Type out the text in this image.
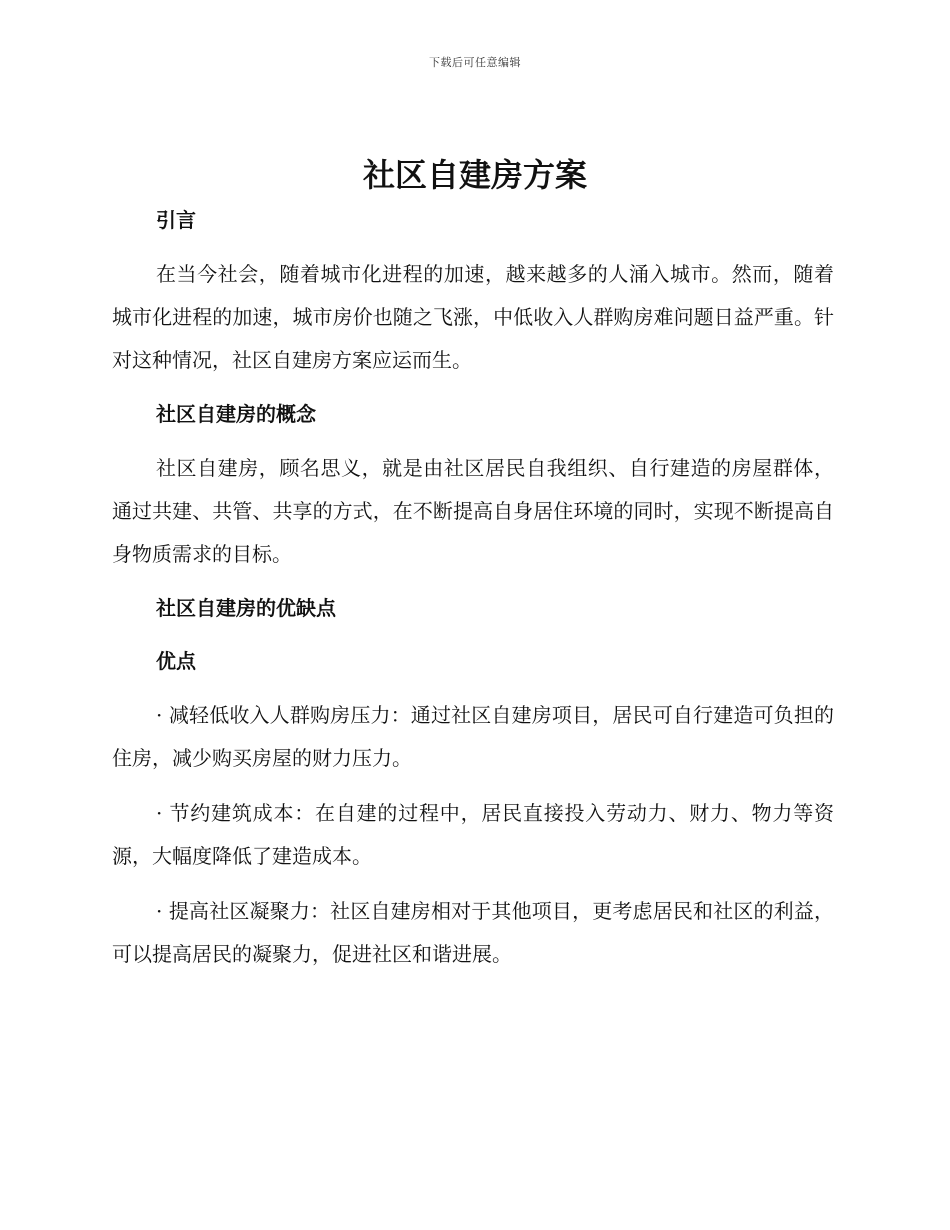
下载后可任意编辑
社区自建房方案
引言

在当今社会，随着城市化进程的加速，越来越多的人涌入城市。然而，随着城市化进程的加速，城市房价也随之飞涨，中低收入人群购房难问题日益严重。针对这种情况，社区自建房方案应运而生。

社区自建房的概念

社区自建房，顾名思义，就是由社区居民自我组织、自行建造的房屋群体，通过共建、共管、共享的方式，在不断提高自身居住环境的同时，实现不断提高自身物质需求的目标。

社区自建房的优缺点
优点

· 减轻低收入人群购房压力：通过社区自建房项目，居民可自行建造可负担的住房，减少购买房屋的财力压力。

· 节约建筑成本：在自建的过程中，居民直接投入劳动力、财力、物力等资源，大幅度降低了建造成本。

· 提高社区凝聚力：社区自建房相对于其他项目，更考虑居民和社区的利益，可以提高居民的凝聚力，促进社区和谐进展。
